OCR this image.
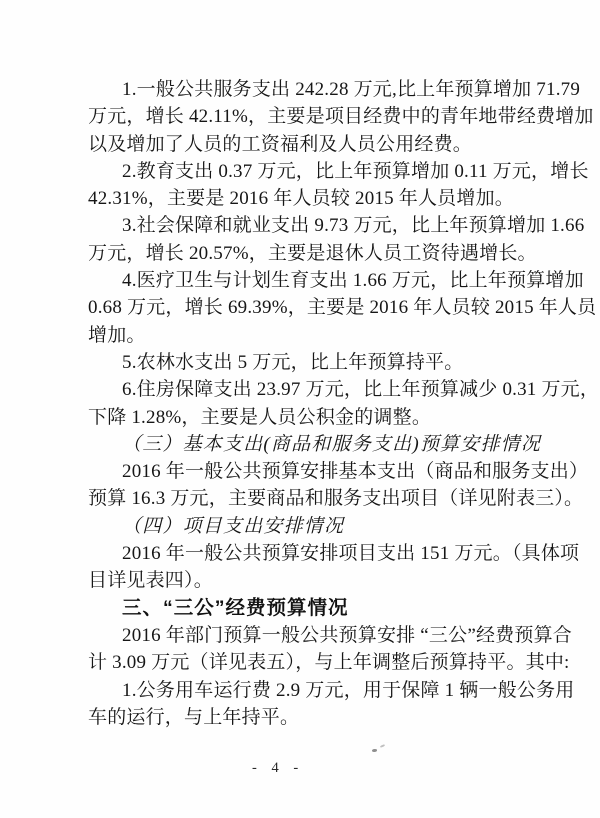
1.一般公共服务支出 242.28 万元,比上年预算增加 71.79
万元，增长 42.11%，主要是项目经费中的青年地带经费增加
以及增加了人员的工资福利及人员公用经费。
2.教育支出 0.37 万元，比上年预算增加 0.11 万元，增长
42.31%，主要是 2016 年人员较 2015 年人员增加。
3.社会保障和就业支出 9.73 万元，比上年预算增加 1.66
万元，增长 20.57%，主要是退休人员工资待遇增长。
4.医疗卫生与计划生育支出 1.66 万元，比上年预算增加
0.68 万元，增长 69.39%，主要是 2016 年人员较 2015 年人员
增加。
5.农林水支出 5 万元，比上年预算持平。
6.住房保障支出 23.97 万元，比上年预算减少 0.31 万元，
下降 1.28%，主要是人员公积金的调整。
（三）基本支出(商品和服务支出)预算安排情况
2016 年一般公共预算安排基本支出（商品和服务支出）
预算 16.3 万元，主要商品和服务支出项目（详见附表三）。
（四）项目支出安排情况
2016 年一般公共预算安排项目支出 151 万元。（具体项
目详见表四）。
三、“三公”经费预算情况
2016 年部门预算一般公共预算安排 “三公”经费预算合
计 3.09 万元（详见表五），与上年调整后预算持平。其中:
1.公务用车运行费 2.9 万元，用于保障 1 辆一般公务用
车的运行，与上年持平。
- 4 -
